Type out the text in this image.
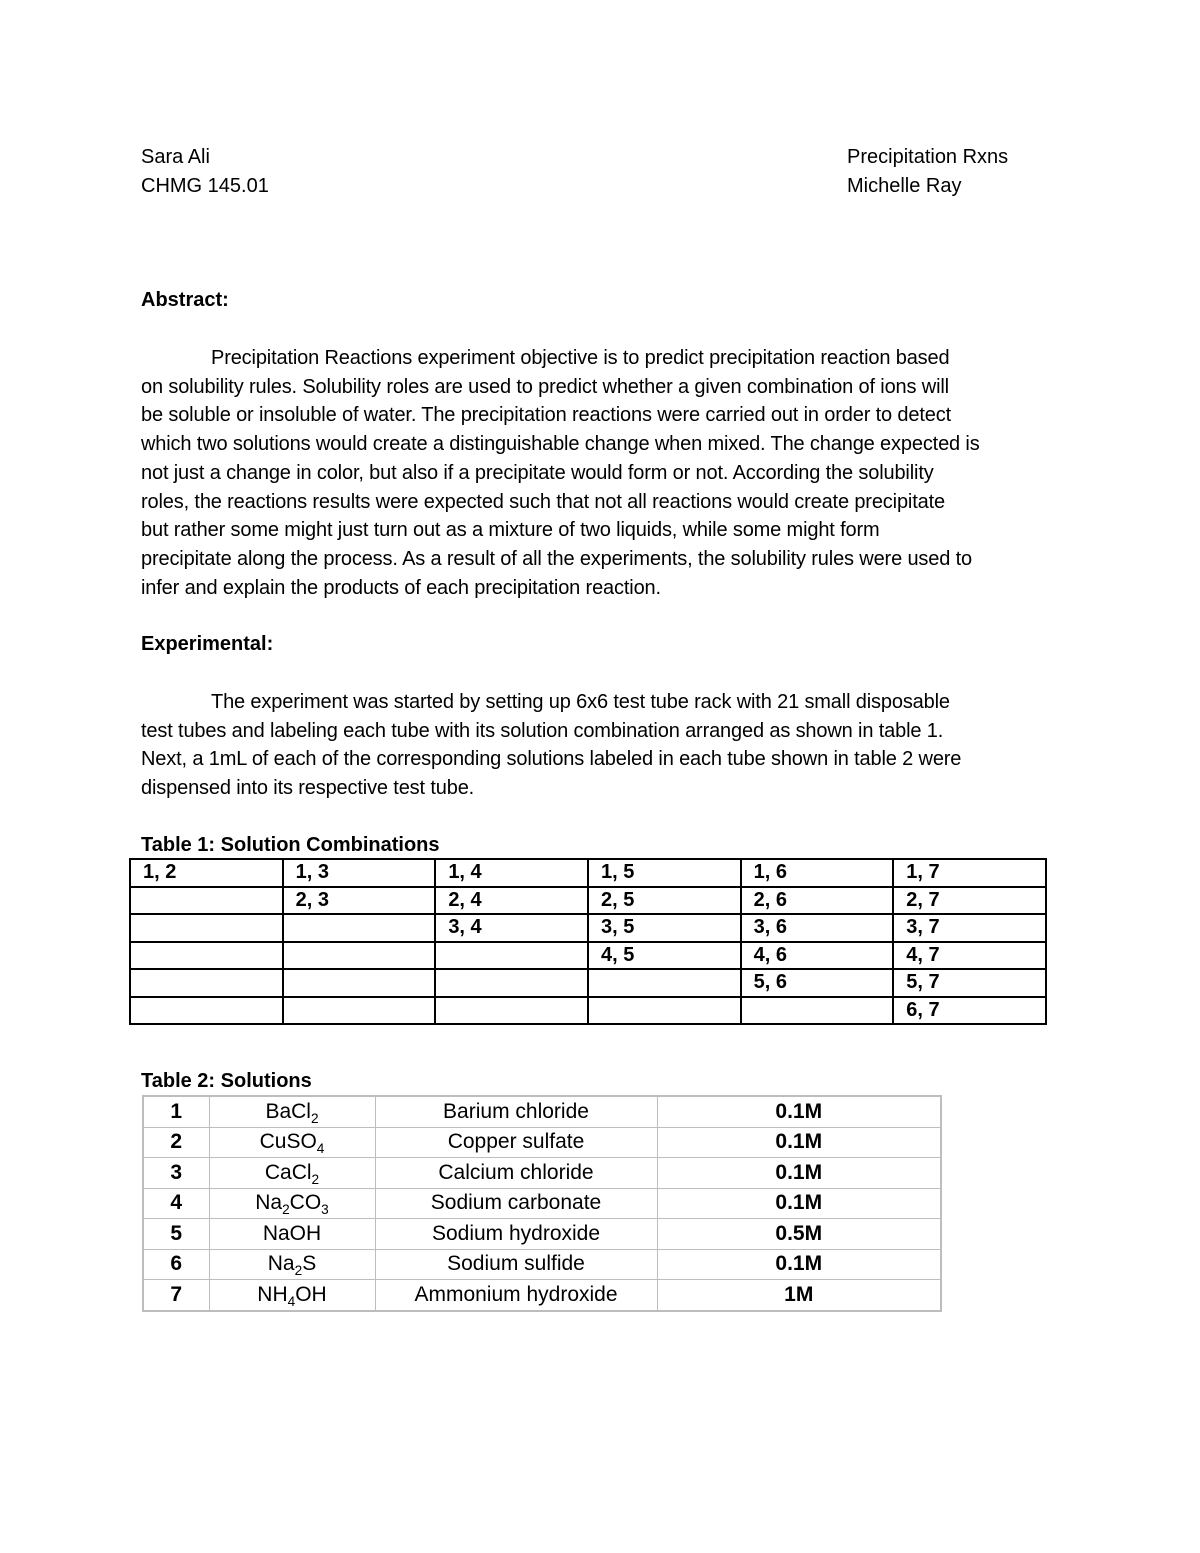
Sara Ali
CHMG 145.01
Precipitation Rxns
Michelle Ray
Abstract:
Precipitation Reactions experiment objective is to predict precipitation reaction based
on solubility rules. Solubility roles are used to predict whether a given combination of ions will
be soluble or insoluble of water. The precipitation reactions were carried out in order to detect
which two solutions would create a distinguishable change when mixed. The change expected is
not just a change in color, but also if a precipitate would form or not. According the solubility
roles, the reactions results were expected such that not all reactions would create precipitate
but rather some might just turn out as a mixture of two liquids, while some might form
precipitate along the process. As a result of all the experiments, the solubility rules were used to
infer and explain the products of each precipitation reaction.
Experimental:
The experiment was started by setting up 6x6 test tube rack with 21 small disposable
test tubes and labeling each tube with its solution combination arranged as shown in table 1.
Next, a 1mL of each of the corresponding solutions labeled in each tube shown in table 2 were
dispensed into its respective test tube.
Table 1: Solution Combinations
1, 2	1, 3	1, 4	1, 5	1, 6	1, 7
	2, 3	2, 4	2, 5	2, 6	2, 7
		3, 4	3, 5	3, 6	3, 7
			4, 5	4, 6	4, 7
				5, 6	5, 7
					6, 7
Table 2: Solutions
1	BaCl$_2$	Barium chloride	0.1M
2	CuSO$_4$	Copper sulfate	0.1M
3	CaCl$_2$	Calcium chloride	0.1M
4	$Na_2CO_3$	Sodium carbonate	0.1M
5	NaOH	Sodium hydroxide	0.5M
6	$Na_2S$	Sodium sulfide	0.1M
7	$NH_4OH$	Ammonium hydroxide	1M
